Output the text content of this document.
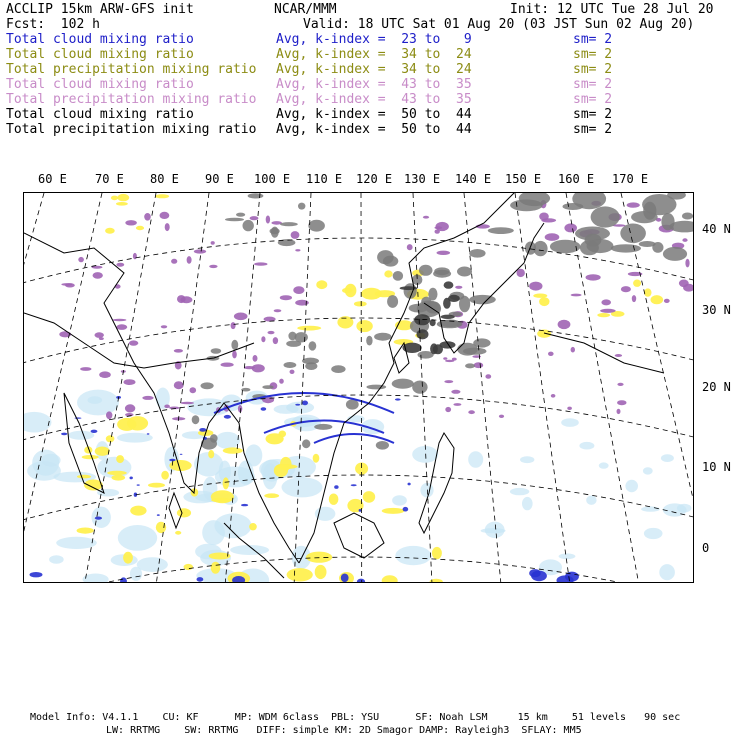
ACCLIP 15km ARW-GFS init	NCAR/MMM	Init: 12 UTC Tue 28 Jul 20
Fcst:  102 h	Valid: 18 UTC Sat 01 Aug 20 (03 JST Sun 02 Aug 20)
Total cloud mixing ratio	Avg, k-index =  23 to   9	sm= 2
Total cloud mixing ratio	Avg, k-index =  34 to  24	sm= 2
Total precipitation mixing ratio Avg, k-index =  34 to  24	sm= 2
Total cloud mixing ratio	Avg, k-index =  43 to  35	sm= 2
Total precipitation mixing ratio Avg, k-index =  43 to  35	sm= 2
Total cloud mixing ratio	Avg, k-index =  50 to  44	sm= 2
Total precipitation mixing ratio Avg, k-index =  50 to  44	sm= 2
60 E 70 E 80 E 90 E 100 E 110 E 120 E 130 E 140 E 150 E 160 E 170 E
40 N
30 N
20 N
10 N
0
Model Info: V4.1.1    CU: KF      MP: WDM 6class  PBL: YSU      SF: Noah LSM     15 km    51 levels   90 sec
LW: RRTMG    SW: RRTMG   DIFF: simple KM: 2D Smagor DAMP: Rayleigh3  SFLAY: MM5
